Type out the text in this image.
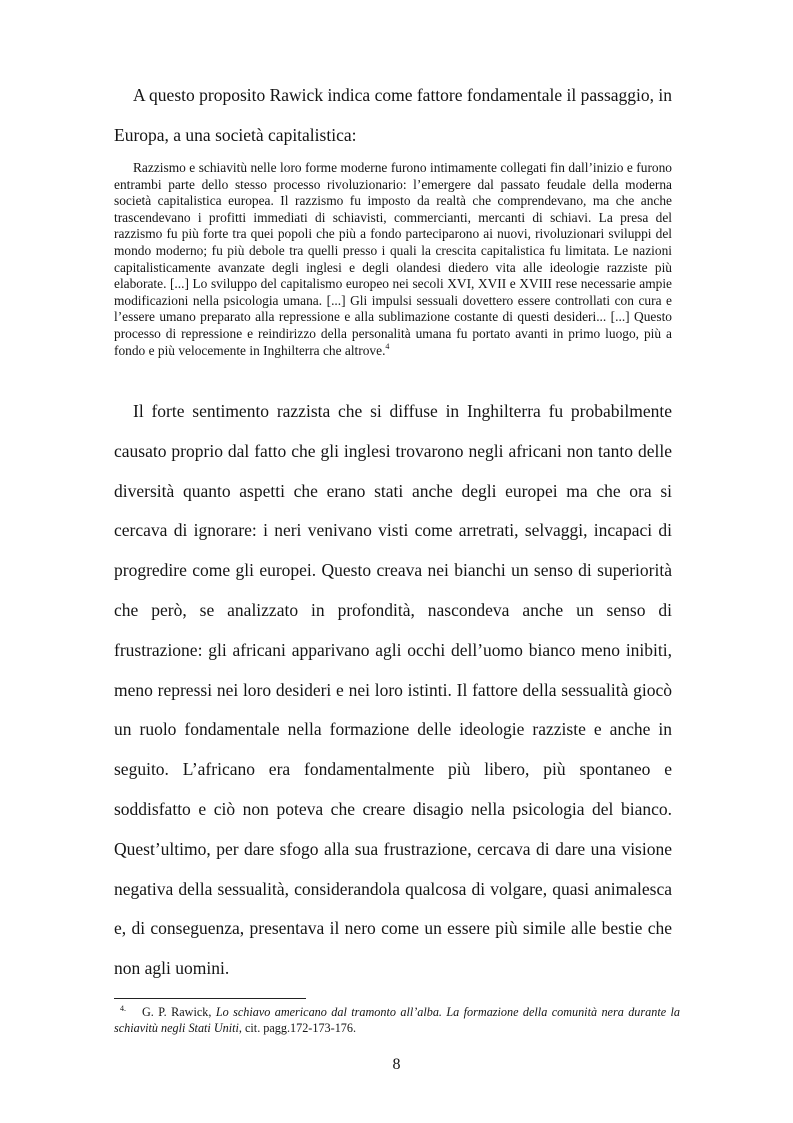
A questo proposito Rawick indica come fattore fondamentale il passaggio, in Europa, a una società capitalistica:

Razzismo e schiavitù nelle loro forme moderne furono intimamente collegati fin dall’inizio e furono entrambi parte dello stesso processo rivoluzionario: l’emergere dal passato feudale della moderna società capitalistica europea. Il razzismo fu imposto da realtà che comprendevano, ma che anche trascendevano i profitti immediati di schiavisti, commercianti, mercanti di schiavi. La presa del razzismo fu più forte tra quei popoli che più a fondo parteciparono ai nuovi, rivoluzionari sviluppi del mondo moderno; fu più debole tra quelli presso i quali la crescita capitalistica fu limitata. Le nazioni capitalisticamente avanzate degli inglesi e degli olandesi diedero vita alle ideologie razziste più elaborate. [...] Lo sviluppo del capitalismo europeo nei secoli XVI, XVII e XVIII rese necessarie ampie modificazioni nella psicologia umana. [...] Gli impulsi sessuali dovettero essere controllati con cura e l’essere umano preparato alla repressione e alla sublimazione costante di questi desideri... [...] Questo processo di repressione e reindirizzo della personalità umana fu portato avanti in primo luogo, più a fondo e più velocemente in Inghilterra che altrove.$^4$

Il forte sentimento razzista che si diffuse in Inghilterra fu probabilmente causato proprio dal fatto che gli inglesi trovarono negli africani non tanto delle diversità quanto aspetti che erano stati anche degli europei ma che ora si cercava di ignorare: i neri venivano visti come arretrati, selvaggi, incapaci di progredire come gli europei. Questo creava nei bianchi un senso di superiorità che però, se analizzato in profondità, nascondeva anche un senso di frustrazione: gli africani apparivano agli occhi dell’uomo bianco meno inibiti, meno repressi nei loro desideri e nei loro istinti. Il fattore della sessualità giocò un ruolo fondamentale nella formazione delle ideologie razziste e anche in seguito. L’africano era fondamentalmente più libero, più spontaneo e soddisfatto e ciò non poteva che creare disagio nella psicologia del bianco. Quest’ultimo, per dare sfogo alla sua frustrazione, cercava di dare una visione negativa della sessualità, considerandola qualcosa di volgare, quasi animalesca e, di conseguenza, presentava il nero come un essere più simile alle bestie che non agli uomini.

$^{4.}$ G. P. Rawick, Lo schiavo americano dal tramonto all’alba. La formazione della comunità nera durante la schiavitù negli Stati Uniti, cit. pagg.172-173-176.

8
